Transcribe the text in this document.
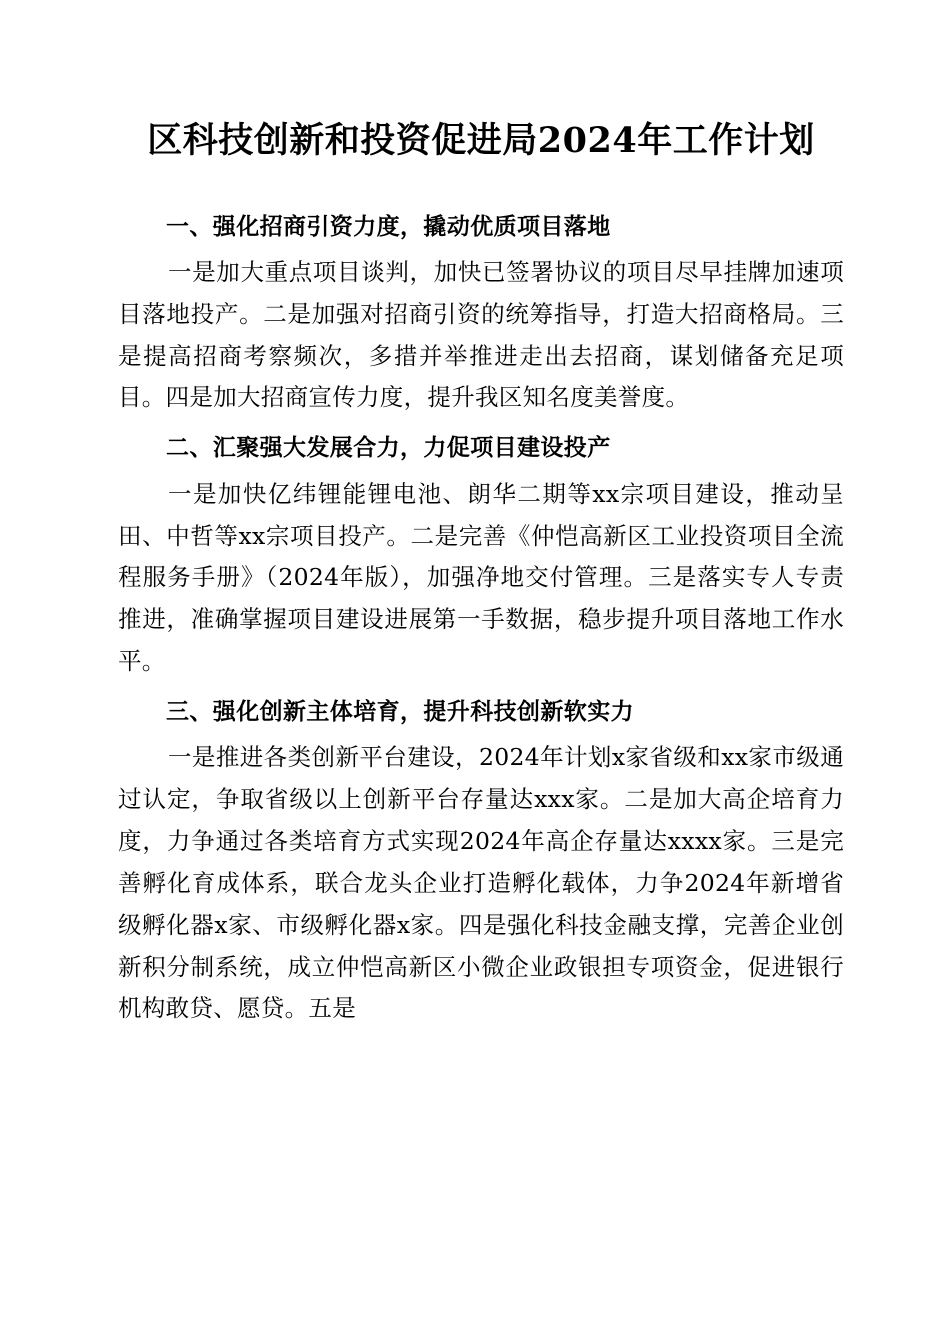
区科技创新和投资促进局2024年工作计划
一、强化招商引资力度，撬动优质项目落地

一是加大重点项目谈判，加快已签署协议的项目尽早挂牌加速项目落地投产。二是加强对招商引资的统筹指导，打造大招商格局。三是提高招商考察频次，多措并举推进走出去招商，谋划储备充足项目。四是加大招商宣传力度，提升我区知名度美誉度。

二、汇聚强大发展合力，力促项目建设投产

一是加快亿纬锂能锂电池、朗华二期等xx宗项目建设，推动呈田、中哲等xx宗项目投产。二是完善《仲恺高新区工业投资项目全流程服务手册》（2024年版），加强净地交付管理。三是落实专人专责推进，准确掌握项目建设进展第一手数据，稳步提升项目落地工作水平。

三、强化创新主体培育，提升科技创新软实力

一是推进各类创新平台建设，2024年计划x家省级和xx家市级通过认定，争取省级以上创新平台存量达xxx家。二是加大高企培育力度，力争通过各类培育方式实现2024年高企存量达xxxx家。三是完善孵化育成体系，联合龙头企业打造孵化载体，力争2024年新增省级孵化器x家、市级孵化器x家。四是强化科技金融支撑，完善企业创新积分制系统，成立仲恺高新区小微企业政银担专项资金，促进银行机构敢贷、愿贷。五是
